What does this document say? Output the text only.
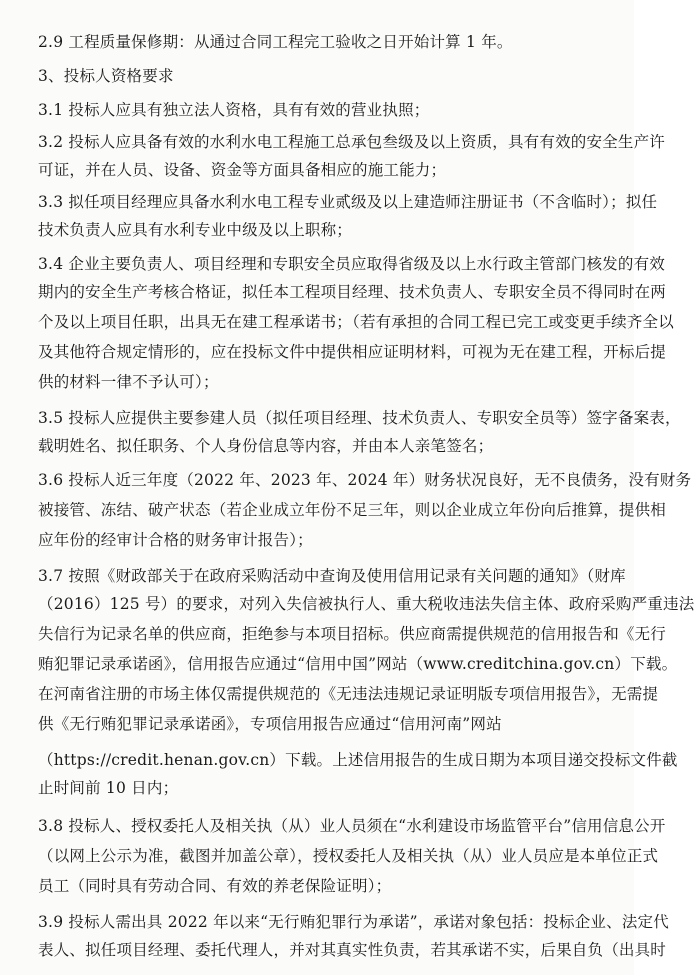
2.9 工程质量保修期：从通过合同工程完工验收之日开始计算 1 年。
3、投标人资格要求
3.1 投标人应具有独立法人资格，具有有效的营业执照；
3.2 投标人应具备有效的水利水电工程施工总承包叁级及以上资质，具有有效的安全生产许
可证，并在人员、设备、资金等方面具备相应的施工能力；
3.3 拟任项目经理应具备水利水电工程专业贰级及以上建造师注册证书（不含临时）；拟任
技术负责人应具有水利专业中级及以上职称；
3.4 企业主要负责人、项目经理和专职安全员应取得省级及以上水行政主管部门核发的有效
期内的安全生产考核合格证，拟任本工程项目经理、技术负责人、专职安全员不得同时在两
个及以上项目任职，出具无在建工程承诺书；（若有承担的合同工程已完工或变更手续齐全以
及其他符合规定情形的，应在投标文件中提供相应证明材料，可视为无在建工程，开标后提
供的材料一律不予认可）；
3.5 投标人应提供主要参建人员（拟任项目经理、技术负责人、专职安全员等）签字备案表，
载明姓名、拟任职务、个人身份信息等内容，并由本人亲笔签名；
3.6 投标人近三年度（2022 年、2023 年、2024 年）财务状况良好，无不良债务，没有财务
被接管、冻结、破产状态（若企业成立年份不足三年，则以企业成立年份向后推算，提供相
应年份的经审计合格的财务审计报告）；
3.7 按照《财政部关于在政府采购活动中查询及使用信用记录有关问题的通知》（财库
（2016）125 号）的要求，对列入失信被执行人、重大税收违法失信主体、政府采购严重违法
失信行为记录名单的供应商，拒绝参与本项目招标。供应商需提供规范的信用报告和《无行
贿犯罪记录承诺函》，信用报告应通过“信用中国”网站（www.creditchina.gov.cn）下载。
在河南省注册的市场主体仅需提供规范的《无违法违规记录证明版专项信用报告》，无需提
供《无行贿犯罪记录承诺函》，专项信用报告应通过“信用河南”网站
（https://credit.henan.gov.cn）下载。上述信用报告的生成日期为本项目递交投标文件截
止时间前 10 日内；
3.8 投标人、授权委托人及相关执（从）业人员须在“水利建设市场监管平台”信用信息公开
（以网上公示为准，截图并加盖公章），授权委托人及相关执（从）业人员应是本单位正式
员工（同时具有劳动合同、有效的养老保险证明）；
3.9 投标人需出具 2022 年以来“无行贿犯罪行为承诺”，承诺对象包括：投标企业、法定代
表人、拟任项目经理、委托代理人，并对其真实性负责，若其承诺不实，后果自负（出具时
